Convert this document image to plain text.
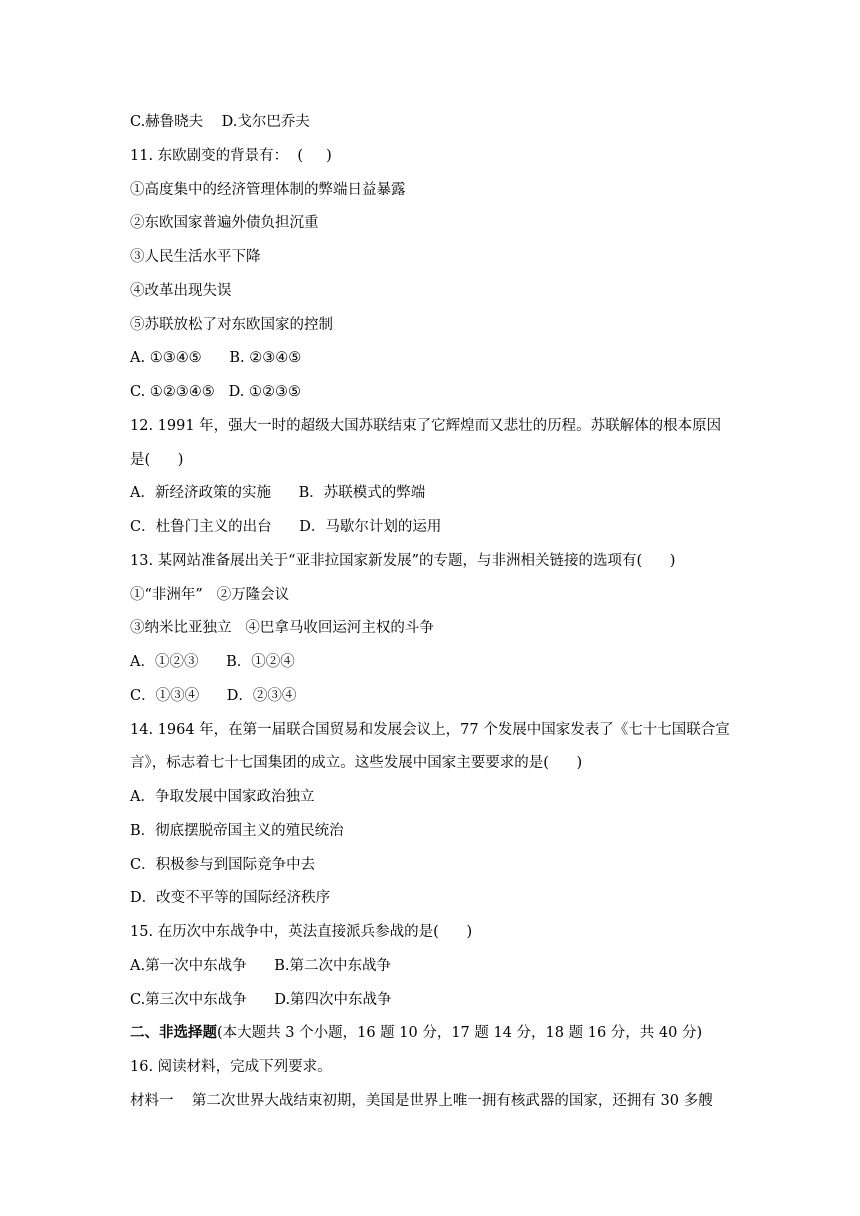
C.赫鲁晓夫    D.戈尔巴乔夫
11. 东欧剧变的背景有：  (     )
①高度集中的经济管理体制的弊端日益暴露
②东欧国家普遍外债负担沉重
③人民生活水平下降
④改革出现失误
⑤苏联放松了对东欧国家的控制
A. ①③④⑤      B. ②③④⑤
C. ①②③④⑤   D. ①②③⑤
12. 1991 年，强大一时的超级大国苏联结束了它辉煌而又悲壮的历程。苏联解体的根本原因
是(      )
A．新经济政策的实施      B．苏联模式的弊端
C．杜鲁门主义的出台      D．马歇尔计划的运用
13. 某网站准备展出关于“亚非拉国家新发展”的专题，与非洲相关链接的选项有(      )
①“非洲年”   ②万隆会议
③纳米比亚独立   ④巴拿马收回运河主权的斗争
A．①②③      B．①②④
C．①③④      D．②③④
14. 1964 年，在第一届联合国贸易和发展会议上，77 个发展中国家发表了《七十七国联合宣
言》，标志着七十七国集团的成立。这些发展中国家主要要求的是(      )
A．争取发展中国家政治独立
B．彻底摆脱帝国主义的殖民统治
C．积极参与到国际竞争中去
D．改变不平等的国际经济秩序
15. 在历次中东战争中，英法直接派兵参战的是(      )
A.第一次中东战争      B.第二次中东战争
C.第三次中东战争      D.第四次中东战争
二、非选择题(本大题共 3 个小题，16 题 10 分，17 题 14 分，18 题 16 分，共 40 分)
16. 阅读材料，完成下列要求。
材料一    第二次世界大战结束初期，美国是世界上唯一拥有核武器的国家，还拥有 30 多艘
